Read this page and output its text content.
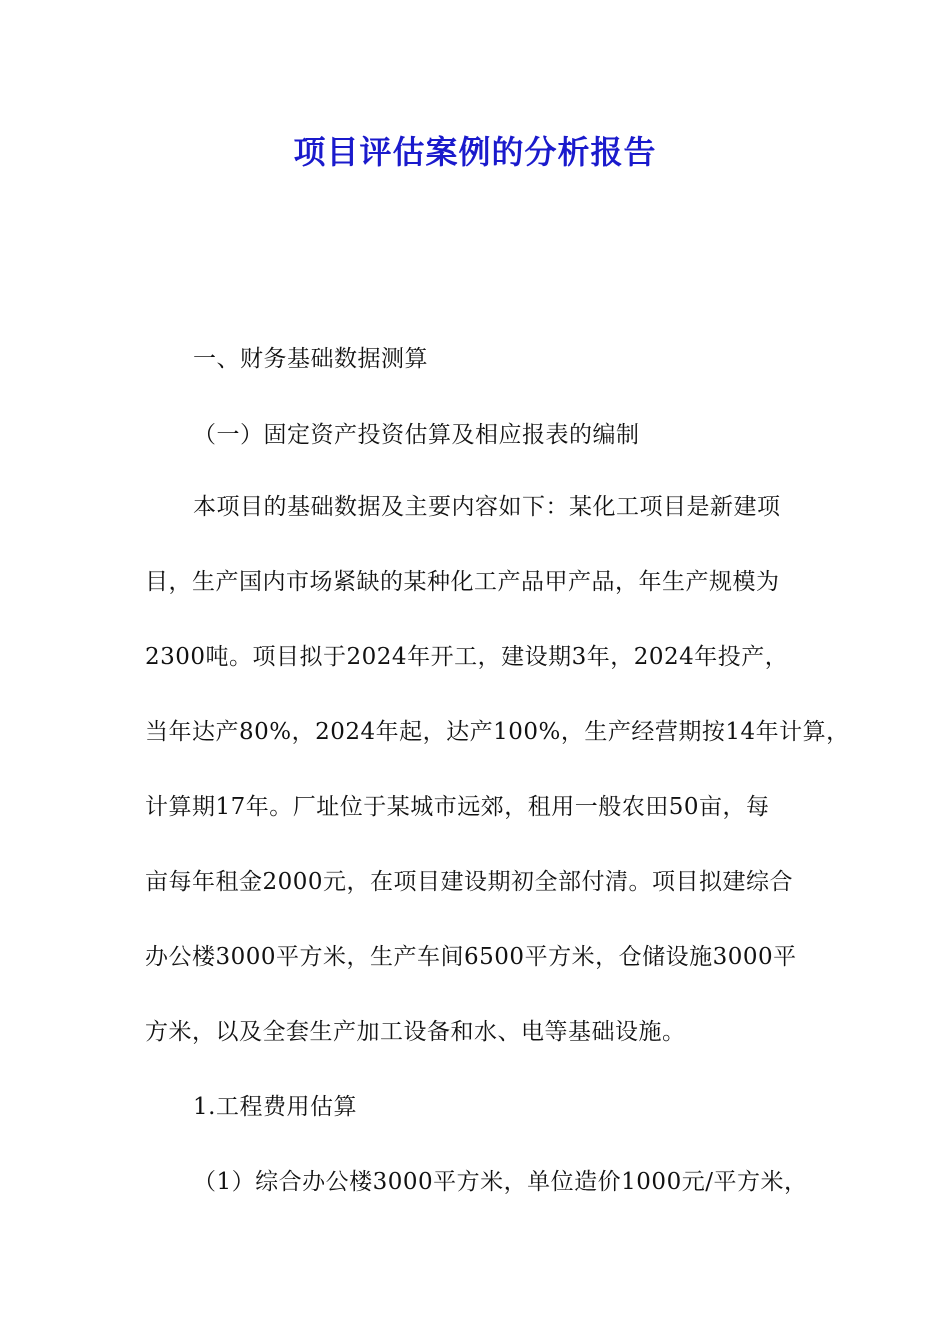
项目评估案例的分析报告
一、财务基础数据测算
（一）固定资产投资估算及相应报表的编制
本项目的基础数据及主要内容如下：某化工项目是新建项
目，生产国内市场紧缺的某种化工产品甲产品，年生产规模为
2300吨。项目拟于2024年开工，建设期3年，2024年投产，
当年达产80%，2024年起，达产100%，生产经营期按14年计算，
计算期17年。厂址位于某城市远郊，租用一般农田50亩，每
亩每年租金2000元，在项目建设期初全部付清。项目拟建综合
办公楼3000平方米，生产车间6500平方米，仓储设施3000平
方米，以及全套生产加工设备和水、电等基础设施。
1.工程费用估算
（1）综合办公楼3000平方米，单位造价1000元/平方米，
